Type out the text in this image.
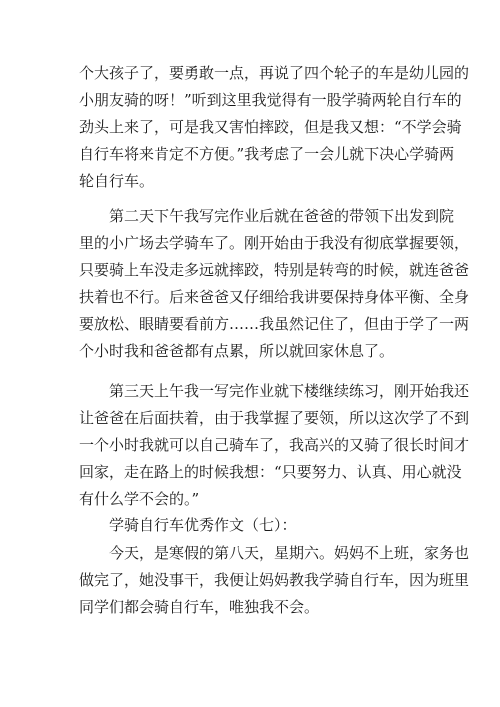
个大孩子了，要勇敢一点，再说了四个轮子的车是幼儿园的
小朋友骑的呀！”听到这里我觉得有一股学骑两轮自行车的
劲头上来了，可是我又害怕摔跤，但是我又想：“不学会骑
自行车将来肯定不方便。”我考虑了一会儿就下决心学骑两
轮自行车。
第二天下午我写完作业后就在爸爸的带领下出发到院
里的小广场去学骑车了。刚开始由于我没有彻底掌握要领，
只要骑上车没走多远就摔跤，特别是转弯的时候，就连爸爸
扶着也不行。后来爸爸又仔细给我讲要保持身体平衡、全身
要放松、眼睛要看前方……我虽然记住了，但由于学了一两
个小时我和爸爸都有点累，所以就回家休息了。
第三天上午我一写完作业就下楼继续练习，刚开始我还
让爸爸在后面扶着，由于我掌握了要领，所以这次学了不到
一个小时我就可以自己骑车了，我高兴的又骑了很长时间才
回家，走在路上的时候我想：“只要努力、认真、用心就没
有什么学不会的。”
学骑自行车优秀作文（七）：
今天，是寒假的第八天，星期六。妈妈不上班，家务也
做完了，她没事干，我便让妈妈教我学骑自行车，因为班里
同学们都会骑自行车，唯独我不会。
